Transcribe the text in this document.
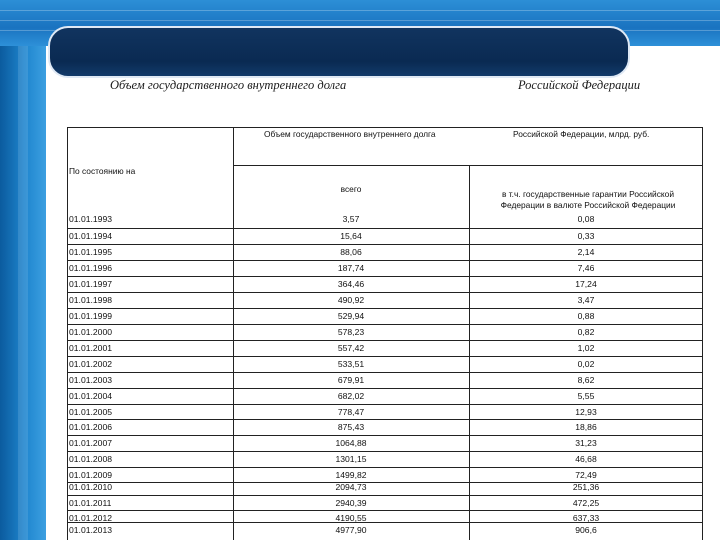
Объем государственного внутреннего долга	Российской Федерации
Объем государственного внутреннего долга	Российской Федерации, млрд. руб.
По состоянию на
всего	в т.ч. государственные гарантии Российской Федерации в валюте Российской Федерации
01.01.1993	3,57	0,08
01.01.1994	15,64	0,33
01.01.1995	88,06	2,14
01.01.1996	187,74	7,46
01.01.1997	364,46	17,24
01.01.1998	490,92	3,47
01.01.1999	529,94	0,88
01.01.2000	578,23	0,82
01.01.2001	557,42	1,02
01.01.2002	533,51	0,02
01.01.2003	679,91	8,62
01.01.2004	682,02	5,55
01.01.2005	778,47	12,93
01.01.2006	875,43	18,86
01.01.2007	1064,88	31,23
01.01.2008	1301,15	46,68
01.01.2009	1499,82	72,49
01.01.2010	2094,73	251,36
01.01.2011	2940,39	472,25
01.01.2012	4190,55	637,33
01.01.2013	4977,90	906,6
